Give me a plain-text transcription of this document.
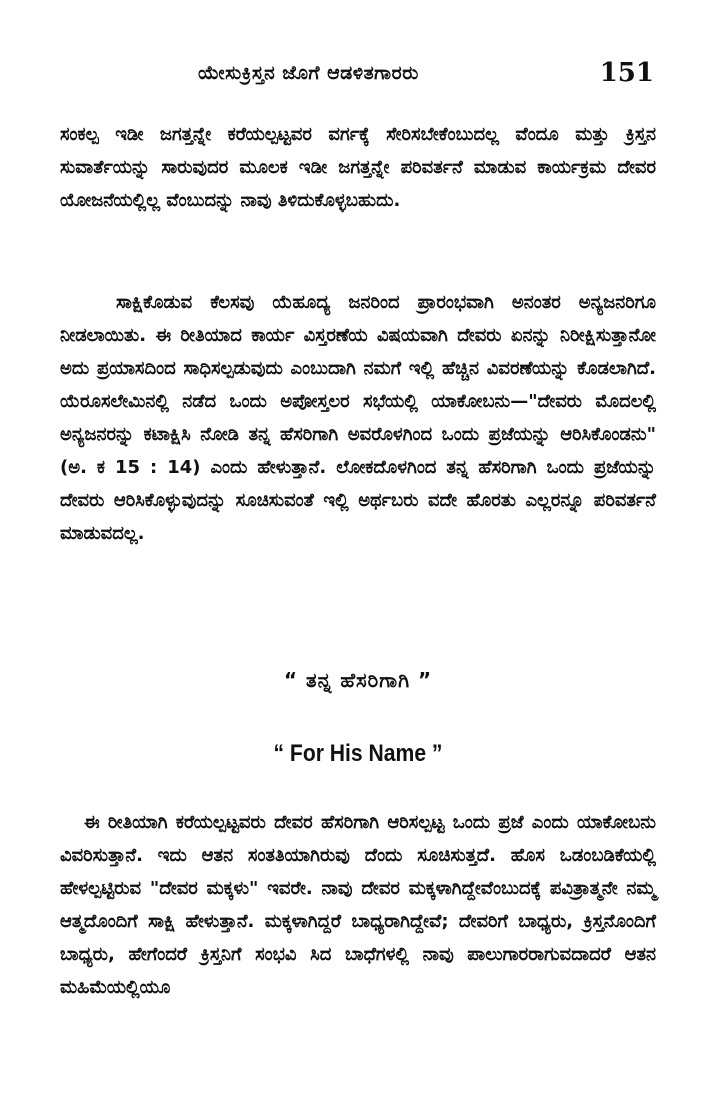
ಯೇಸುಕ್ರಿಸ್ತನ ಜೊಗೆ ಆಡಳಿತಗಾರರು	151

ಸಂಕಲ್ಪ ಇಡೀ ಜಗತ್ತನ್ನೇ ಕರೆಯಲ್ಪಟ್ಟವರ ವರ್ಗಕ್ಕೆ ಸೇರಿಸಬೇಕೆಂಬುದಲ್ಲ ವೆಂದೂ ಮತ್ತು ಕ್ರಿಸ್ತನ ಸುವಾರ್ತೆಯನ್ನು ಸಾರುವುದರ ಮೂಲಕ ಇಡೀ ಜಗತ್ತನ್ನೇ ಪರಿವರ್ತನೆ ಮಾಡುವ ಕಾರ್ಯಕ್ರಮ ದೇವರ ಯೋಜನೆಯಲ್ಲಿಲ್ಲ ವೆಂಬುದನ್ನು ನಾವು ತಿಳಿದುಕೊಳ್ಳಬಹುದು.

ಸಾಕ್ಷಿಕೊಡುವ ಕೆಲಸವು ಯೆಹೂದ್ಯ ಜನರಿಂದ ಪ್ರಾರಂಭವಾಗಿ ಅನಂತರ ಅನ್ಯಜನರಿಗೂ ನೀಡಲಾಯಿತು. ಈ ರೀತಿಯಾದ ಕಾರ್ಯ ವಿಸ್ತರಣೆಯ ವಿಷಯವಾಗಿ ದೇವರು ಏನನ್ನು ನಿರೀಕ್ಷಿಸುತ್ತಾನೋ ಅದು ಪ್ರಯಾಸದಿಂದ ಸಾಧಿಸಲ್ಪಡುವುದು ಎಂಬುದಾಗಿ ನಮಗೆ ಇಲ್ಲಿ ಹೆಚ್ಚಿನ ವಿವರಣೆಯನ್ನು ಕೊಡಲಾಗಿದೆ. ಯೆರೂಸಲೇಮಿನಲ್ಲಿ ನಡೆದ ಒಂದು ಅಪೋಸ್ತಲರ ಸಭೆಯಲ್ಲಿ ಯಾಕೋಬನು—"ದೇವರು ಮೊದಲಲ್ಲಿ ಅನ್ಯಜನರನ್ನು ಕಟಾಕ್ಷಿಸಿ ನೋಡಿ ತನ್ನ ಹೆಸರಿಗಾಗಿ ಅವರೊಳಗಿಂದ ಒಂದು ಪ್ರಜೆಯನ್ನು ಆರಿಸಿಕೊಂಡನು" (ಅ. ಕ 15 : 14) ಎಂದು ಹೇಳುತ್ತಾನೆ. ಲೋಕದೊಳಗಿಂದ ತನ್ನ ಹೆಸರಿಗಾಗಿ ಒಂದು ಪ್ರಜೆಯನ್ನು ದೇವರು ಆರಿಸಿಕೊಳ್ಳುವುದನ್ನು ಸೂಚಿಸುವಂತೆ ಇಲ್ಲಿ ಅರ್ಥಬರು ವದೇ ಹೊರತು ಎಲ್ಲರನ್ನೂ ಪರಿವರ್ತನೆ ಮಾಡುವದಲ್ಲ.

“ ತನ್ನ ಹೆಸರಿಗಾಗಿ ”
“ For His Name ”

ಈ ರೀತಿಯಾಗಿ ಕರೆಯಲ್ಪಟ್ಟವರು ದೇವರ ಹೆಸರಿಗಾಗಿ ಆರಿಸಲ್ಪಟ್ಟ ಒಂದು ಪ್ರಜೆ ಎಂದು ಯಾಕೋಬನು ವಿವರಿಸುತ್ತಾನೆ. ಇದು ಆತನ ಸಂತತಿಯಾಗಿರುವು ದೆಂದು ಸೂಚಿಸುತ್ತದೆ. ಹೊಸ ಒಡಂಬಡಿಕೆಯಲ್ಲಿ ಹೇಳಲ್ಪಟ್ಟಿರುವ "ದೇವರ ಮಕ್ಕಳು" ಇವರೇ. ನಾವು ದೇವರ ಮಕ್ಕಳಾಗಿದ್ದೇವೆಂಬುದಕ್ಕೆ ಪವಿತ್ರಾತ್ಮನೇ ನಮ್ಮ ಆತ್ಮದೊಂದಿಗೆ ಸಾಕ್ಷಿ ಹೇಳುತ್ತಾನೆ. ಮಕ್ಕಳಾಗಿದ್ದರೆ ಬಾಧ್ಯರಾಗಿದ್ದೇವೆ; ದೇವರಿಗೆ ಬಾಧ್ಯರು, ಕ್ರಿಸ್ತನೊಂದಿಗೆ ಬಾಧ್ಯರು, ಹೇಗೆಂದರೆ ಕ್ರಿಸ್ತನಿಗೆ ಸಂಭವಿ ಸಿದ ಬಾಧೆಗಳಲ್ಲಿ ನಾವು ಪಾಲುಗಾರರಾಗುವದಾದರೆ ಆತನ ಮಹಿಮೆಯಲ್ಲಿಯೂ
